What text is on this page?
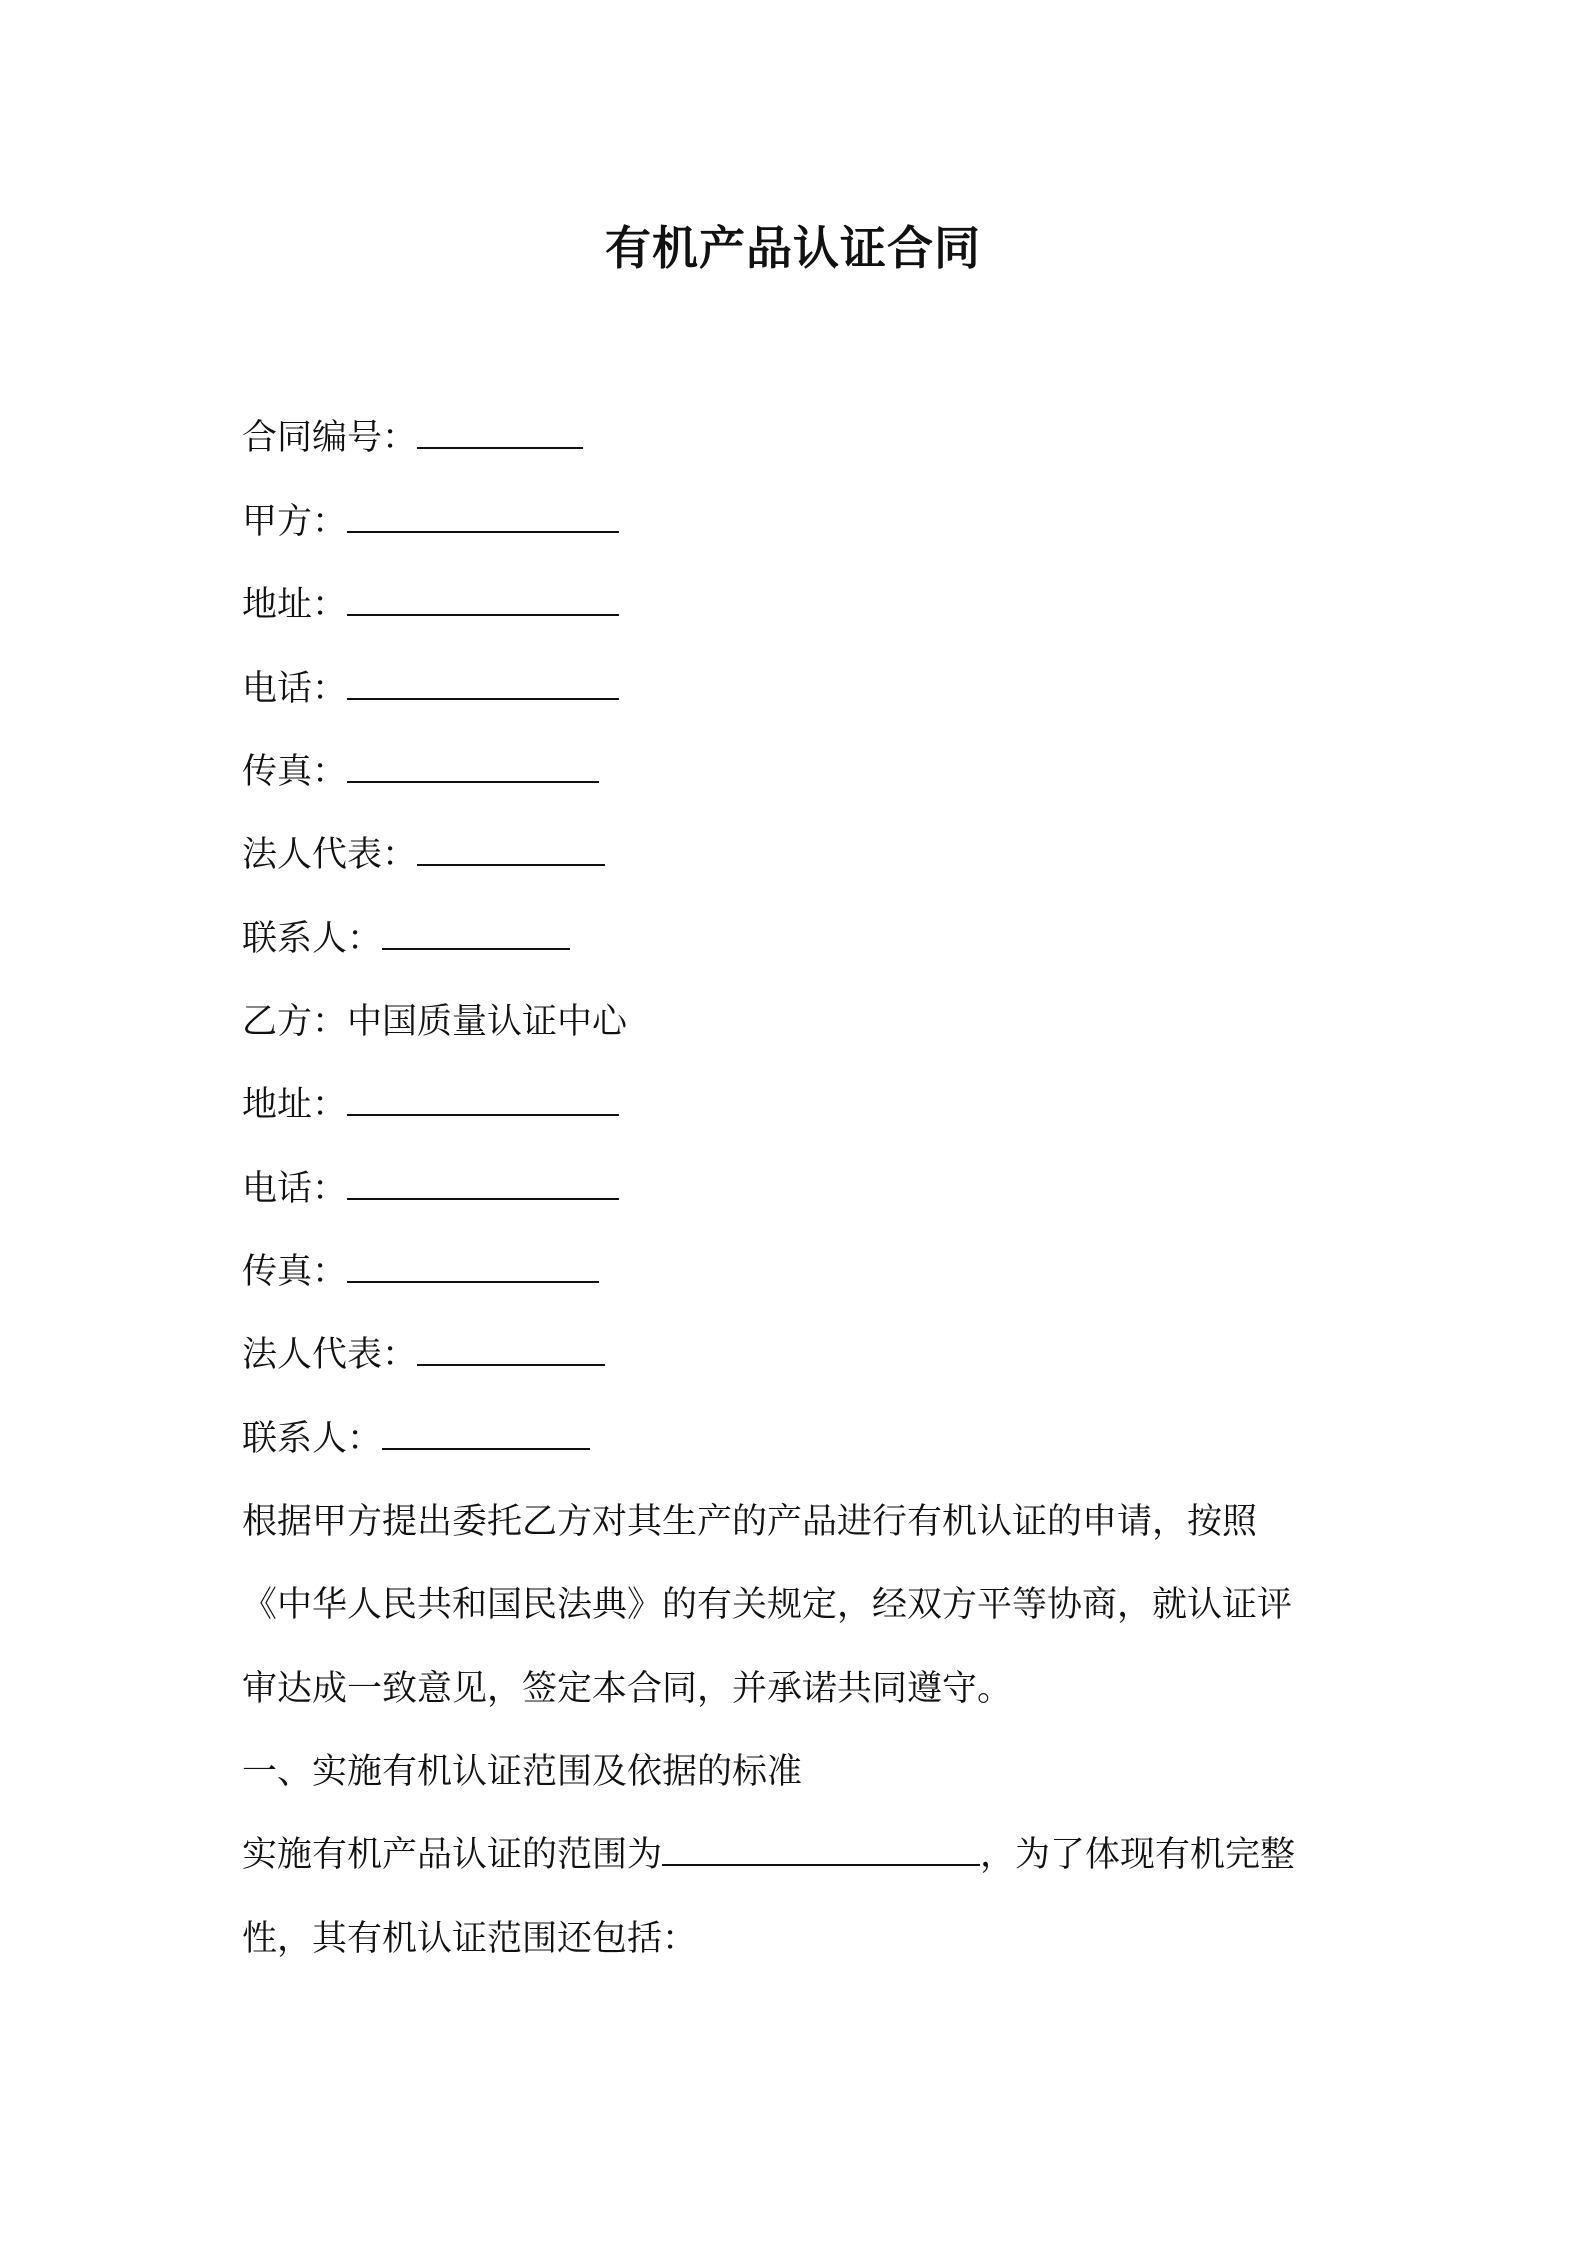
有机产品认证合同
合同编号：
甲方：
地址：
电话：
传真：
法人代表：
联系人：
乙方：中国质量认证中心
地址：
电话：
传真：
法人代表：
联系人：
根据甲方提出委托乙方对其生产的产品进行有机认证的申请，按照
《中华人民共和国民法典》的有关规定，经双方平等协商，就认证评
审达成一致意见，签定本合同，并承诺共同遵守。
一、实施有机认证范围及依据的标准
实施有机产品认证的范围为	，为了体现有机完整
性，其有机认证范围还包括：
